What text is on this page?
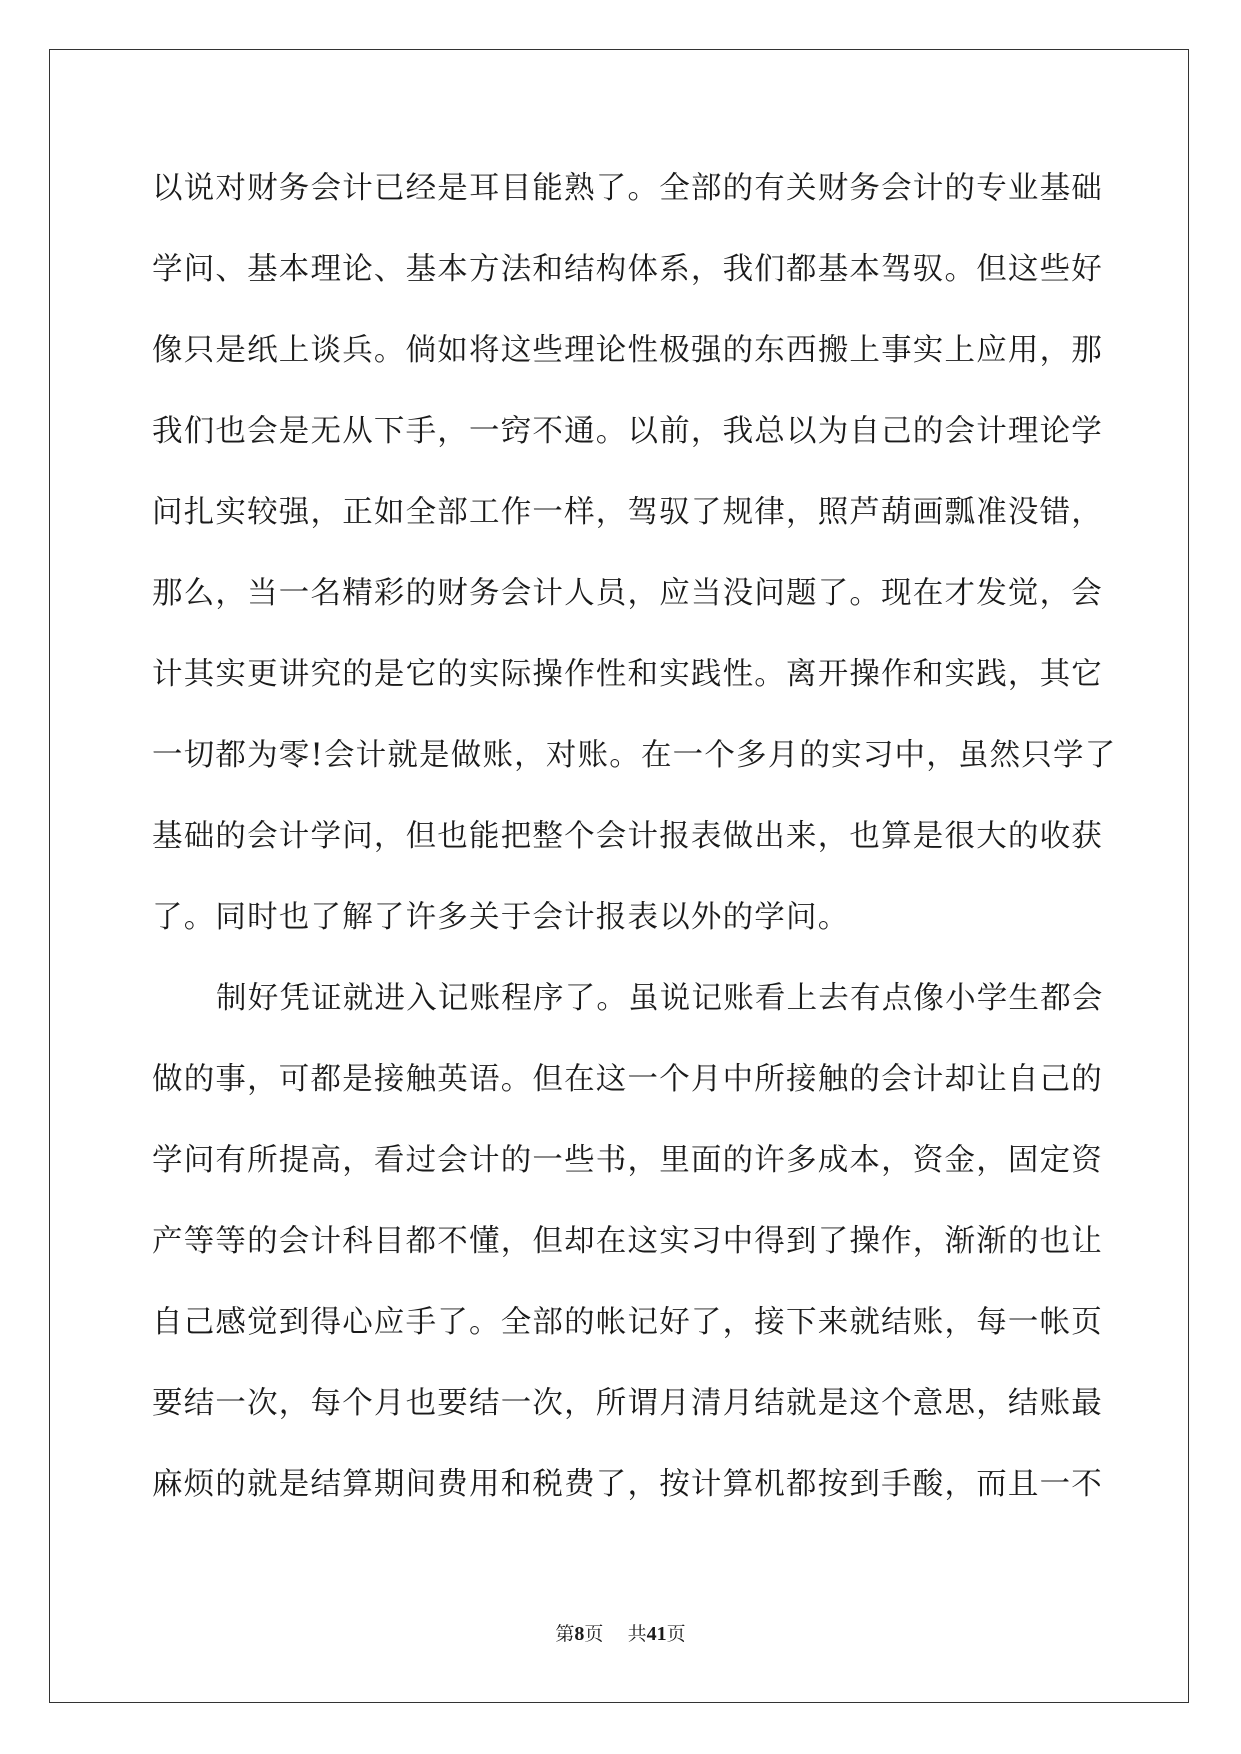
以说对财务会计已经是耳目能熟了。全部的有关财务会计的专业基础
学问、基本理论、基本方法和结构体系，我们都基本驾驭。但这些好
像只是纸上谈兵。倘如将这些理论性极强的东西搬上事实上应用，那
我们也会是无从下手，一窍不通。以前，我总以为自己的会计理论学
问扎实较强，正如全部工作一样，驾驭了规律，照芦葫画瓢准没错，
那么，当一名精彩的财务会计人员，应当没问题了。现在才发觉，会
计其实更讲究的是它的实际操作性和实践性。离开操作和实践，其它
一切都为零!会计就是做账，对账。在一个多月的实习中，虽然只学了
基础的会计学问，但也能把整个会计报表做出来，也算是很大的收获
了。同时也了解了许多关于会计报表以外的学问。
制好凭证就进入记账程序了。虽说记账看上去有点像小学生都会
做的事，可都是接触英语。但在这一个月中所接触的会计却让自己的
学问有所提高，看过会计的一些书，里面的许多成本，资金，固定资
产等等的会计科目都不懂，但却在这实习中得到了操作，渐渐的也让
自己感觉到得心应手了。全部的帐记好了，接下来就结账，每一帐页
要结一次，每个月也要结一次，所谓月清月结就是这个意思，结账最
麻烦的就是结算期间费用和税费了，按计算机都按到手酸，而且一不
第8页 共41页
